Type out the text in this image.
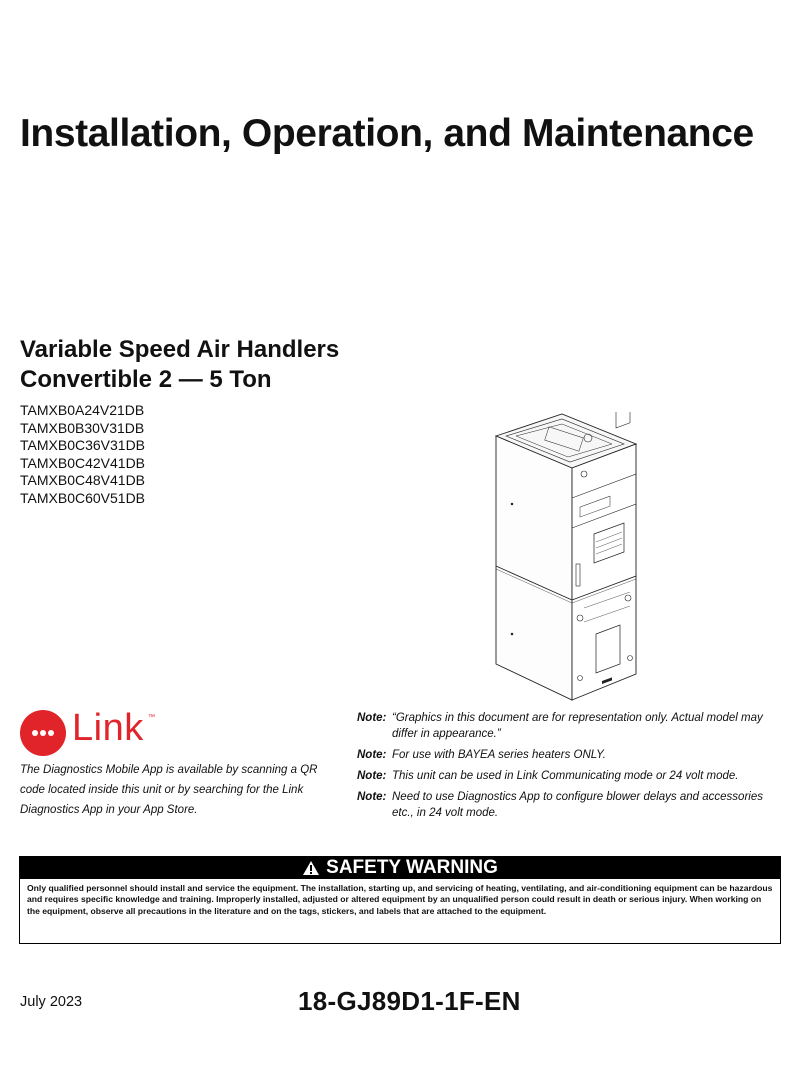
Installation, Operation, and Maintenance
Variable Speed Air Handlers
Convertible 2 — 5 Ton
TAMXB0A24V21DB
TAMXB0B30V31DB
TAMXB0C36V31DB
TAMXB0C42V41DB
TAMXB0C48V41DB
TAMXB0C60V51DB
Link ™
The Diagnostics Mobile App is available by scanning a QR code located inside this unit or by searching for the Link Diagnostics App in your App Store.
Note: “Graphics in this document are for representation only. Actual model may differ in appearance.”
Note: For use with BAYEA series heaters ONLY.
Note: This unit can be used in Link Communicating mode or 24 volt mode.
Note: Need to use Diagnostics App to configure blower delays and accessories etc., in 24 volt mode.
SAFETY WARNING
Only qualified personnel should install and service the equipment. The installation, starting up, and servicing of heating, ventilating, and air-conditioning equipment can be hazardous and requires specific knowledge and training. Improperly installed, adjusted or altered equipment by an unqualified person could result in death or serious injury. When working on the equipment, observe all precautions in the literature and on the tags, stickers, and labels that are attached to the equipment.
July 2023	18-GJ89D1-1F-EN
